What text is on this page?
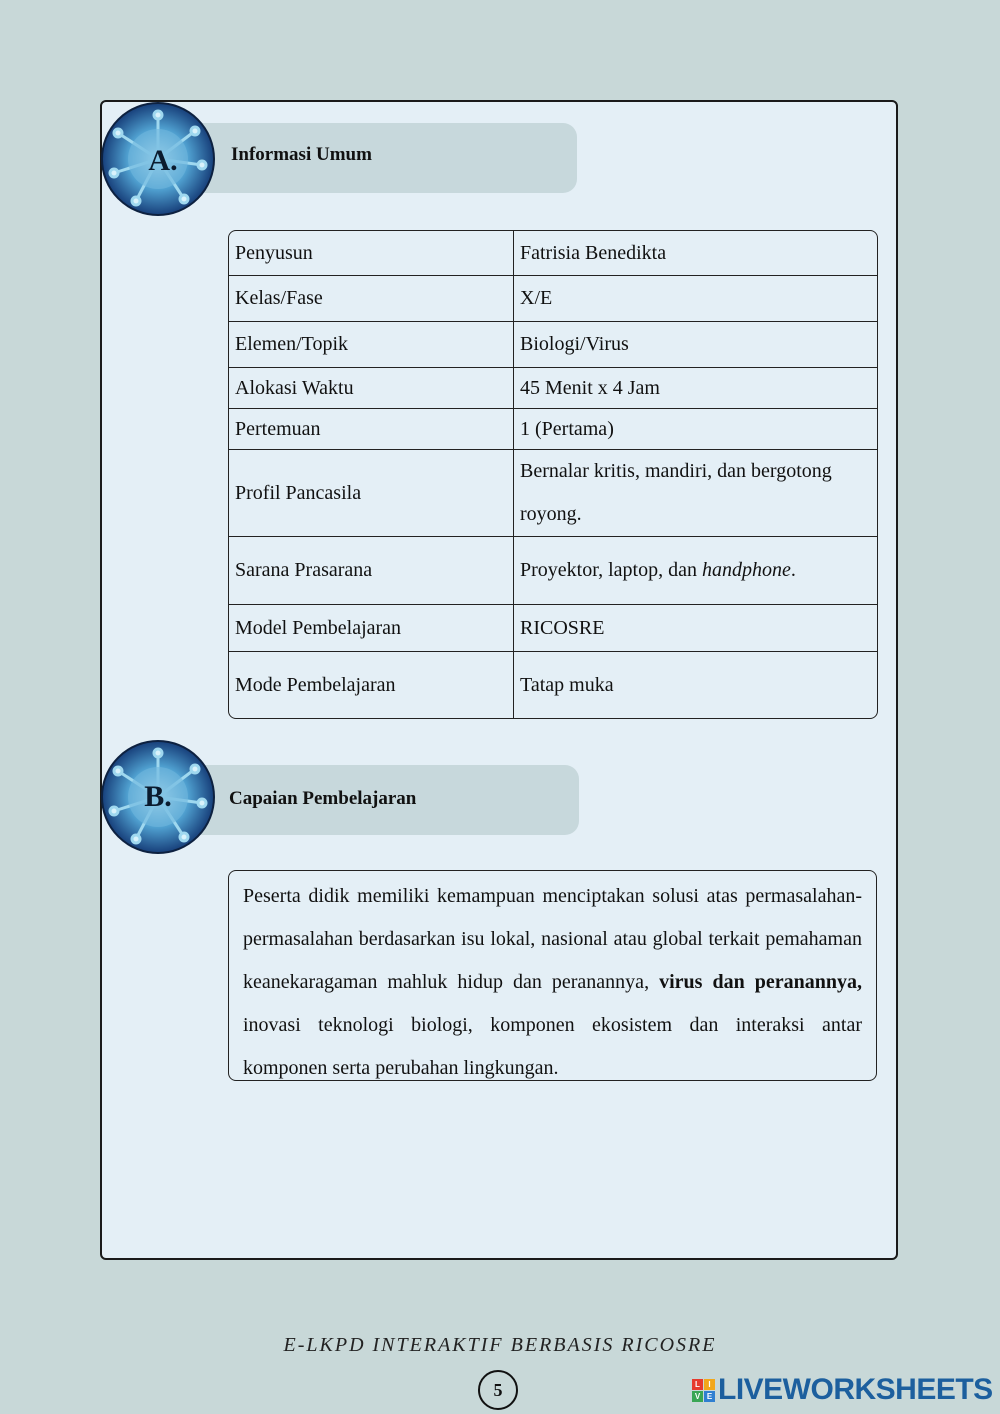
A.	Informasi Umum
Penyusun	Fatrisia Benedikta
Kelas/Fase	X/E
Elemen/Topik	Biologi/Virus
Alokasi Waktu	45 Menit x 4 Jam
Pertemuan	1 (Pertama)
Profil Pancasila	Bernalar kritis, mandiri, dan bergotong royong.
Sarana Prasarana	Proyektor, laptop, dan handphone.
Model Pembelajaran	RICOSRE
Mode Pembelajaran	Tatap muka
B.	Capaian Pembelajaran
Peserta didik memiliki kemampuan menciptakan solusi atas permasalahan-permasalahan berdasarkan isu lokal, nasional atau global terkait pemahaman keanekaragaman mahluk hidup dan peranannya, virus dan peranannya, inovasi teknologi biologi, komponen ekosistem dan interaksi antar komponen serta perubahan lingkungan.
E-LKPD INTERAKTIF BERBASIS RICOSRE
5	L	I
V E LIVEWORKSHEETS
